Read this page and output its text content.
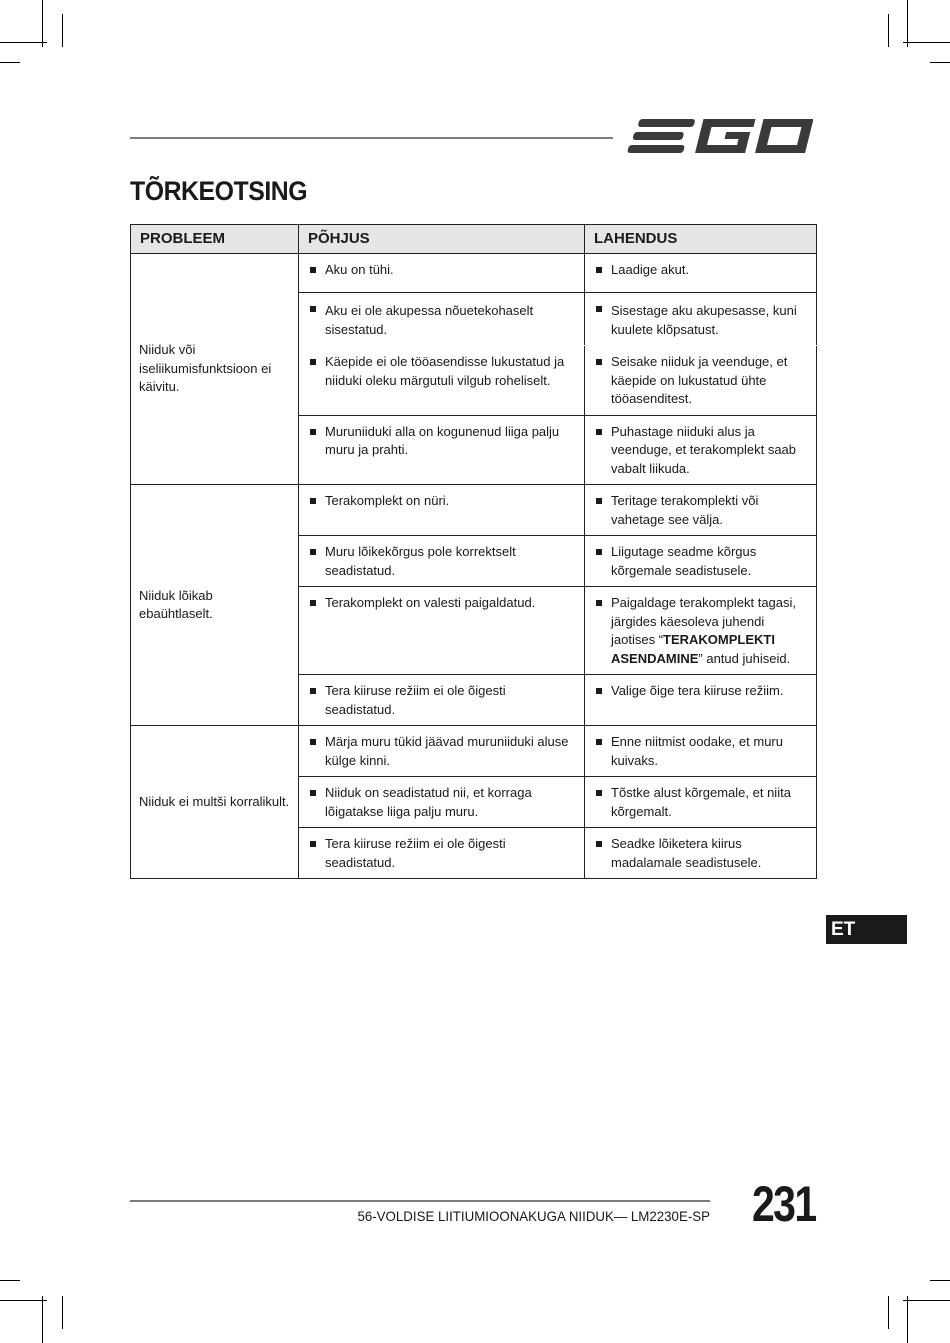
TÕRKEOTSING
PROBLEEM	PÕHJUS	LAHENDUS
Niiduk või iseliikumisfunktsioon ei käivitu.	Aku on tühi.	Laadige akut.

	Aku ei ole akupessa nõuetekohaselt sisestatud.	Sisestage aku akupesasse, kuni kuulete klõpsatust.

	Käepide ei ole tööasendisse lukustatud ja niiduki oleku märgutuli vilgub roheliselt.	Seisake niiduk ja veenduge, et käepide on lukustatud ühte tööasenditest.

	Muruniiduki alla on kogunenud liiga palju muru ja prahti.	Puhastage niiduki alus ja veenduge, et terakomplekt saab vabalt liikuda.

Niiduk lõikab ebaühtlaselt.	Terakomplekt on nüri.	Teritage terakomplekti või vahetage see välja.

	Muru lõikekõrgus pole korrektselt seadistatud.	Liigutage seadme kõrgus kõrgemale seadistusele.

	Terakomplekt on valesti paigaldatud.	Paigaldage terakomplekt tagasi, järgides käesoleva juhendi jaotises “TERAKOMPLEKTI ASENDAMINE” antud juhiseid.

	Tera kiiruse režiim ei ole õigesti seadistatud.	Valige õige tera kiiruse režiim.

Niiduk ei multši korralikult.	Märja muru tükid jäävad muruniiduki aluse külge kinni.	Enne niitmist oodake, et muru kuivaks.

	Niiduk on seadistatud nii, et korraga lõigatakse liiga palju muru.	Tõstke alust kõrgemale, et niita kõrgemalt.

	Tera kiiruse režiim ei ole õigesti seadistatud.	Seadke lõiketera kiirus madalamale seadistusele.
ET
56-VOLDISE LIITIUMIOONAKUGA NIIDUK— LM2230E-SP 231
